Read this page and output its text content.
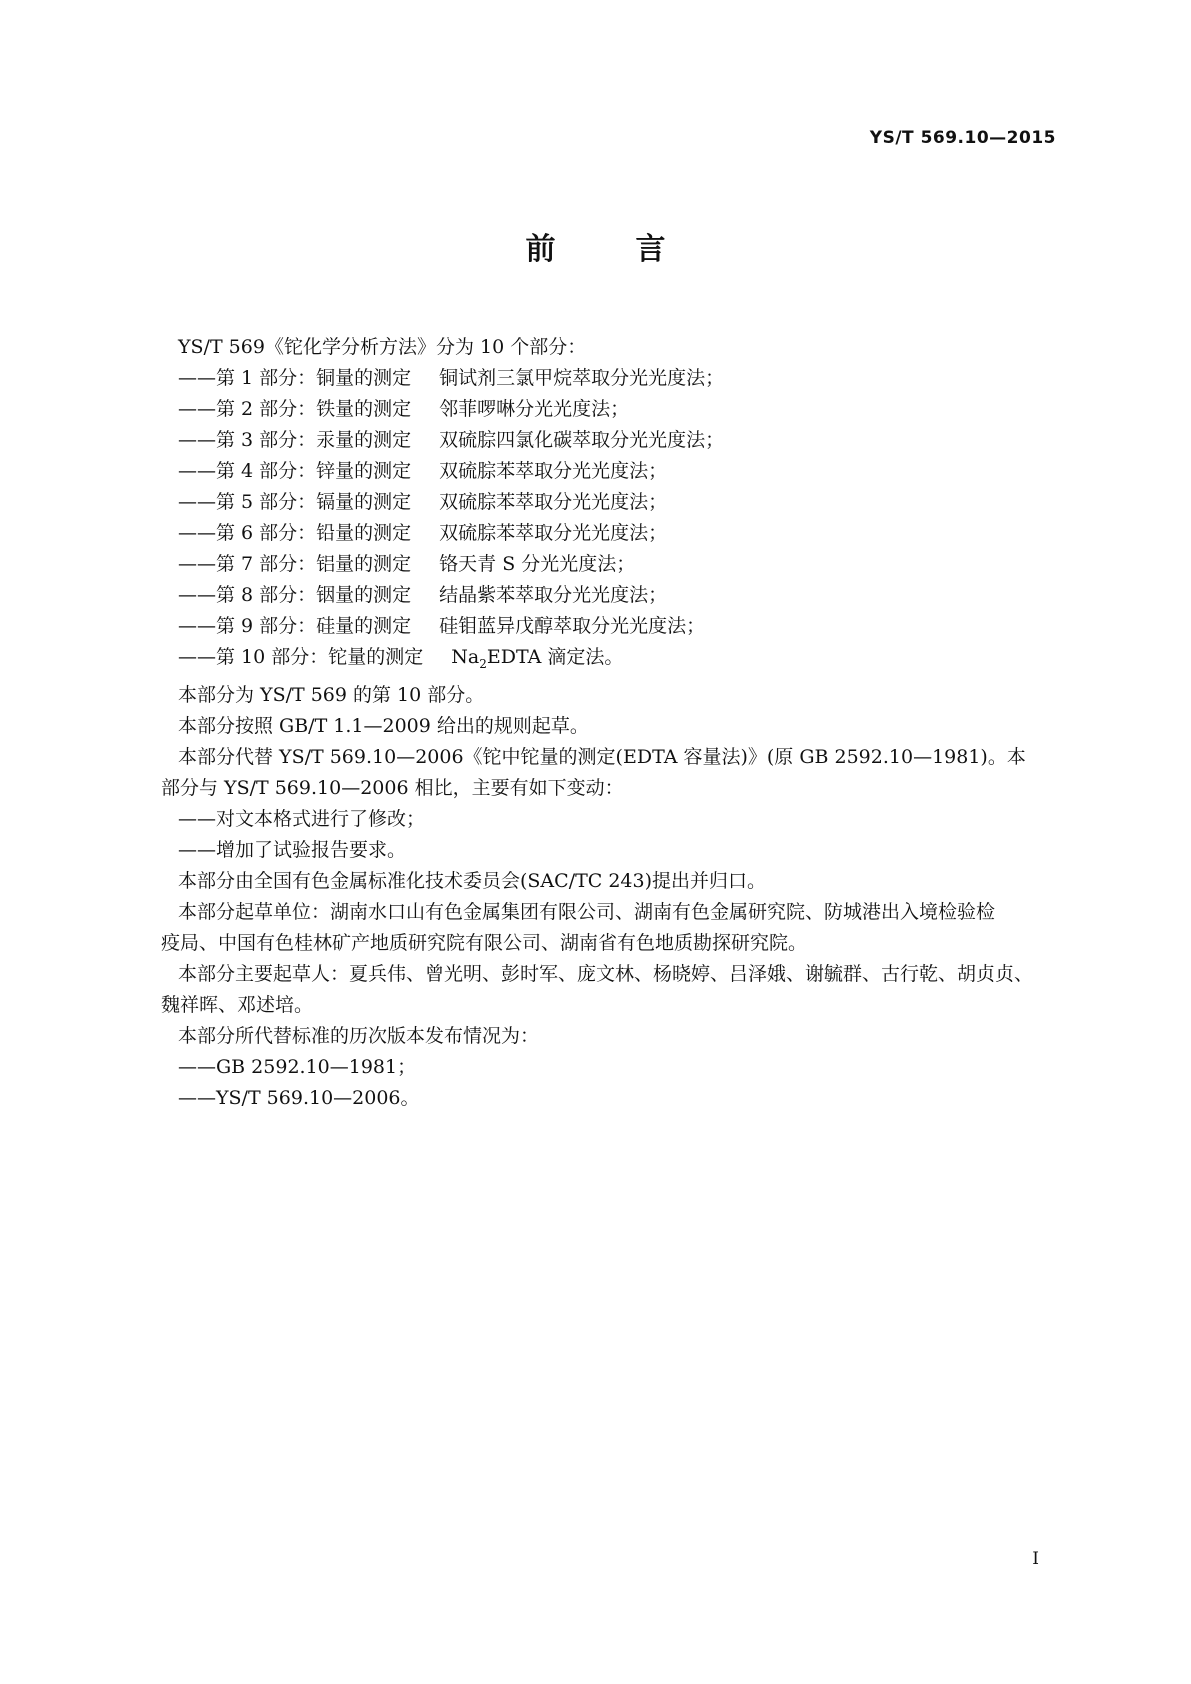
YS/T 569.10—2015
前	言

YS/T 569《铊化学分析方法》分为 10 个部分：

——第 1 部分：铜量的测定 铜试剂三氯甲烷萃取分光光度法；

——第 2 部分：铁量的测定 邻菲啰啉分光光度法；

——第 3 部分：汞量的测定 双硫腙四氯化碳萃取分光光度法；

——第 4 部分：锌量的测定 双硫腙苯萃取分光光度法；

——第 5 部分：镉量的测定 双硫腙苯萃取分光光度法；

——第 6 部分：铅量的测定 双硫腙苯萃取分光光度法；

——第 7 部分：铝量的测定 铬天青 S 分光光度法；

——第 8 部分：铟量的测定 结晶紫苯萃取分光光度法；

——第 9 部分：硅量的测定 硅钼蓝异戊醇萃取分光光度法；

——第 10 部分：铊量的测定 $Na_2EDTA$ 滴定法。

本部分为 YS/T 569 的第 10 部分。

本部分按照 GB/T 1.1—2009 给出的规则起草。

本部分代替 YS/T 569.10—2006《铊中铊量的测定(EDTA 容量法)》(原 GB 2592.10—1981)。本

部分与 YS/T 569.10—2006 相比，主要有如下变动：

——对文本格式进行了修改；

——增加了试验报告要求。

本部分由全国有色金属标准化技术委员会(SAC/TC 243)提出并归口。

本部分起草单位：湖南水口山有色金属集团有限公司、湖南有色金属研究院、防城港出入境检验检

疫局、中国有色桂林矿产地质研究院有限公司、湖南省有色地质勘探研究院。

本部分主要起草人：夏兵伟、曾光明、彭时军、庞文林、杨晓婷、吕泽娥、谢毓群、古行乾、胡贞贞、

魏祥晖、邓述培。

本部分所代替标准的历次版本发布情况为：

——GB 2592.10—1981；

——YS/T 569.10—2006。

I
